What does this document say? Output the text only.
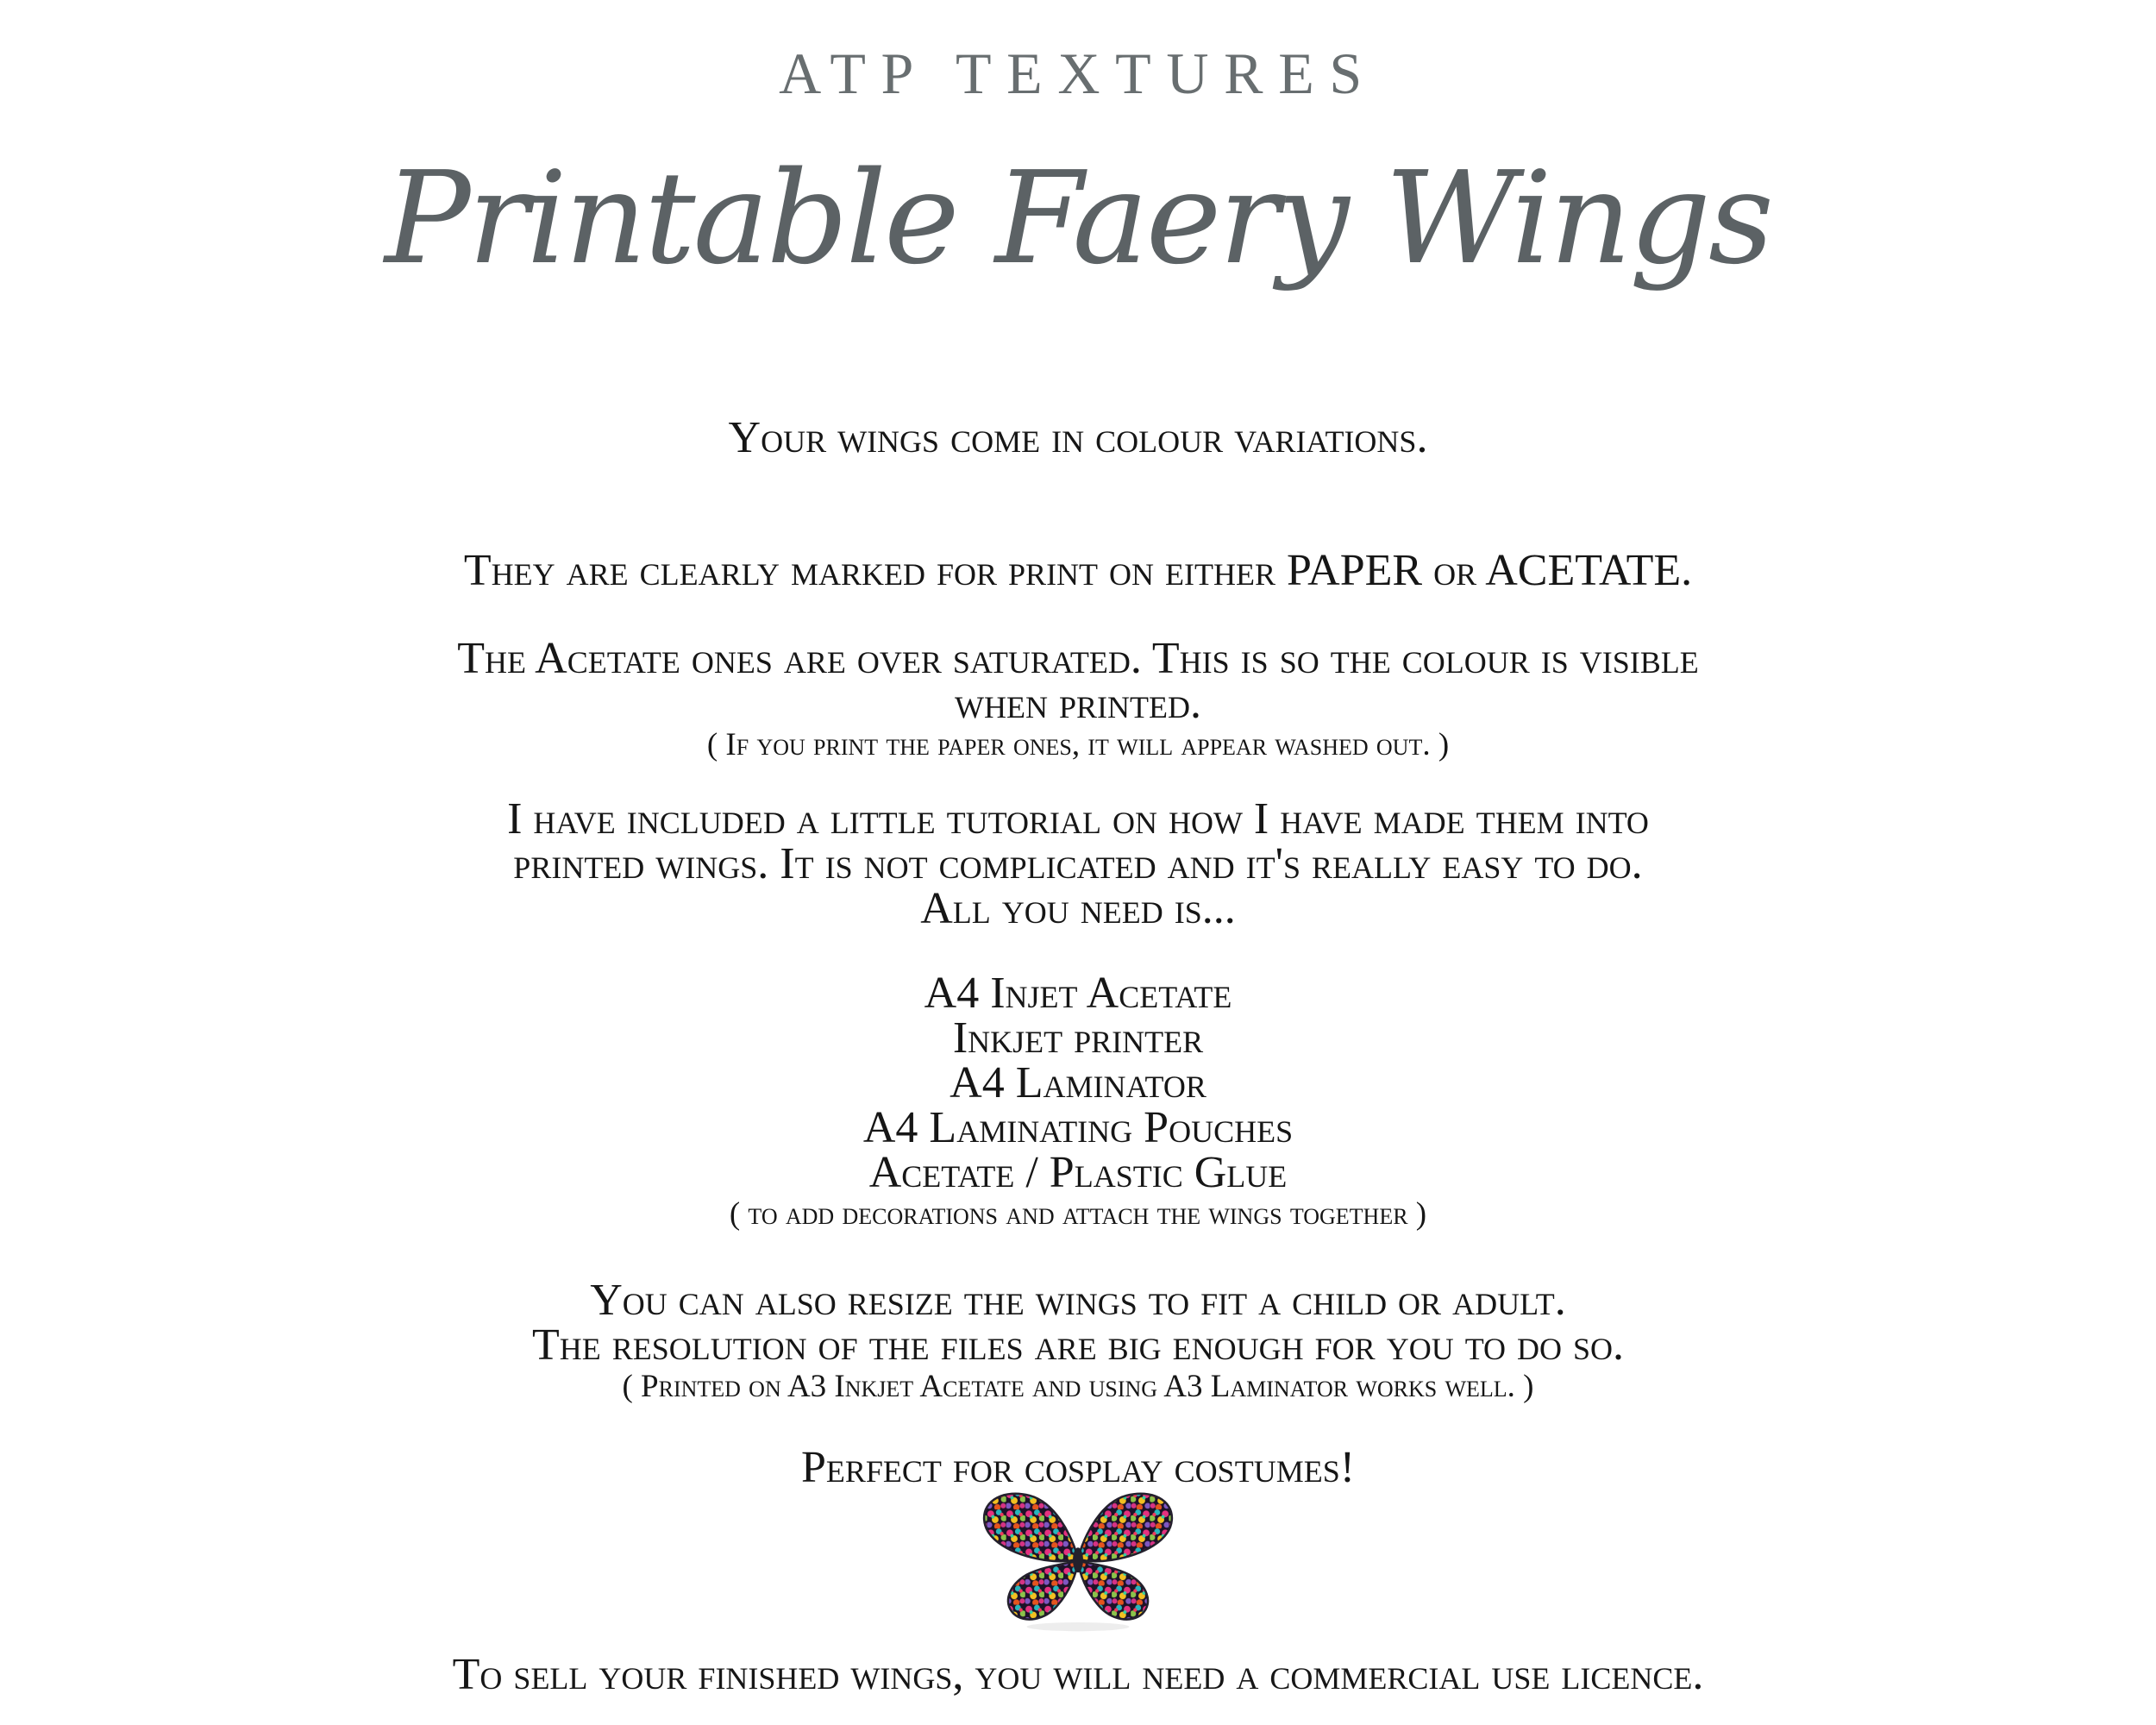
ATP TEXTURES
Printable Faery Wings
Your wings come in colour variations.
They are clearly marked for print on either PAPER or ACETATE.
The Acetate ones are over saturated. This is so the colour is visible
when printed.
( If you print the paper ones, it will appear washed out. )
I have included a little tutorial on how I have made them into
printed wings. It is not complicated and it's really easy to do.
All you need is...
A4 Injet Acetate
Inkjet printer
A4 Laminator
A4 Laminating Pouches
Acetate / Plastic Glue
( to add decorations and attach the wings together )
You can also resize the wings to fit a child or adult.
The resolution of the files are big enough for you to do so.
( Printed on A3 Inkjet Acetate and using A3 Laminator works well. )
Perfect for cosplay costumes!
To sell your finished wings, you will need a commercial use licence.
